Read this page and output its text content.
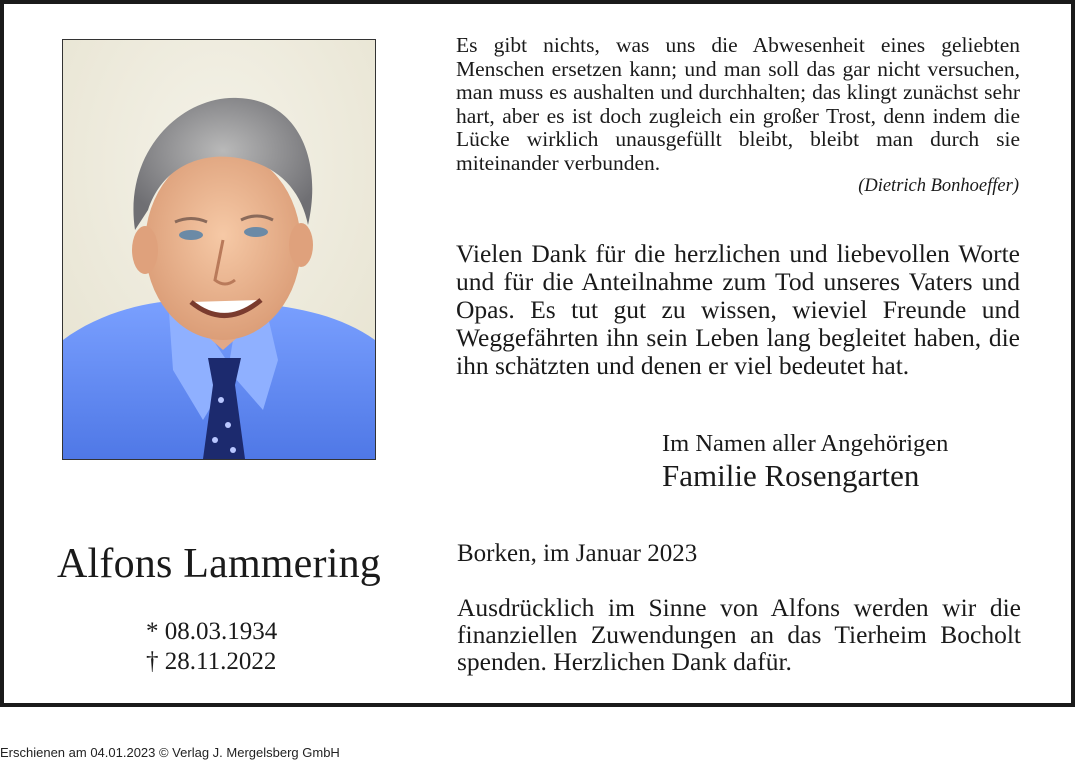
Alfons Lammering
* 08.03.1934
† 28.11.2022

Es gibt nichts, was uns die Abwesenheit eines geliebten Menschen ersetzen kann; und man soll das gar nicht versuchen, man muss es aushalten und durchhalten; das klingt zunächst sehr hart, aber es ist doch zugleich ein großer Trost, denn indem die Lücke wirklich unausgefüllt bleibt, bleibt man durch sie miteinander verbunden.

(Dietrich Bonhoeffer)

Vielen Dank für die herzlichen und liebevollen Worte und für die Anteilnahme zum Tod unseres Vaters und Opas. Es tut gut zu wissen, wieviel Freunde und Weggefährten ihn sein Leben lang begleitet haben, die ihn schätzten und denen er viel bedeutet hat.

Im Namen aller Angehörigen
Familie Rosengarten
Borken, im Januar 2023

Ausdrücklich im Sinne von Alfons werden wir die finanziellen Zuwendungen an das Tierheim Bocholt spenden. Herzlichen Dank dafür.

Erschienen am 04.01.2023 © Verlag J. Mergelsberg GmbH
